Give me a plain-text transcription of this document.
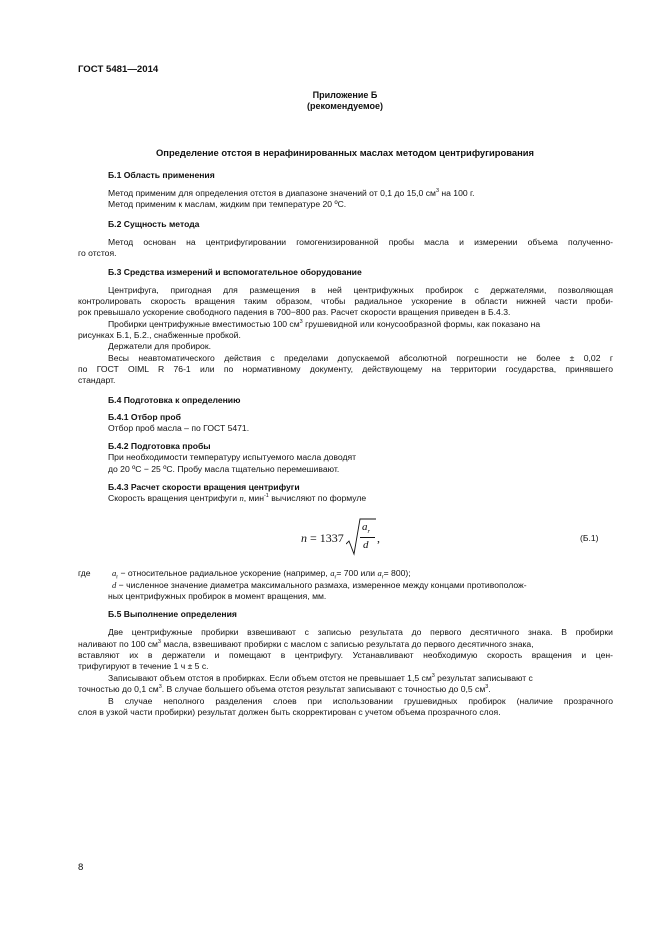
ГОСТ 5481—2014
Приложение Б
(рекомендуемое)
Определение отстоя в нерафинированных маслах методом центрифугирования
Б.1 Область применения
Метод применим для определения отстоя в диапазоне значений от 0,1 до 15,0 $см^3$ на 100 г.
Метод применим к маслам, жидким при температуре 20 ºС.
Б.2 Сущность метода
Метод основан на центрифугировании гомогенизированной пробы масла и измерении объема полученно-
го отстоя.
Б.3 Средства измерений и вспомогательное оборудование
Центрифуга, пригодная для размещения в ней центрифужных пробирок с держателями, позволяющая
контролировать скорость вращения таким образом, чтобы радиальное ускорение в области нижней части проби-
рок превышало ускорение свободного падения в 700−800 раз. Расчет скорости вращения приведен в Б.4.3.
Пробирки центрифужные вместимостью 100 $см^3$ грушевидной или конусообразной формы, как показано на
рисунках Б.1, Б.2., снабженные пробкой.
Держатели для пробирок.
Весы неавтоматического действия с пределами допускаемой абсолютной погрешности не более ± 0,02 г
по ГОСТ OIML R 76-1 или по нормативному документу, действующему на территории государства, принявшего
стандарт.
Б.4 Подготовка к определению
Б.4.1 Отбор проб
Отбор проб масла – по ГОСТ 5471.
Б.4.2 Подготовка пробы
При необходимости температуру испытуемого масла доводят
до 20 ºС − 25 ºС. Пробу масла тщательно перемешивают.
Б.4.3 Расчет скорости вращения центрифуги
Скорость вращения центрифуги n, мин$^{-1}$ вычисляют по формуле
n = 1337
$a_r$
d ,	(Б.1)
где $a_r$ − относительное радиальное ускорение (например, $a_r= 700$ или $a_r= 800$);
d − численное значение диаметра максимального размаха, измеренное между концами противополож-
ных центрифужных пробирок в момент вращения, мм.
Б.5 Выполнение определения
Две центрифужные пробирки взвешивают с записью результата до первого десятичного знака. В пробирки
наливают по 100 $см^3$ масла, взвешивают пробирки с маслом с записью результата до первого десятичного знака,
вставляют их в держатели и помещают в центрифугу. Устанавливают необходимую скорость вращения и цен-
трифугируют в течение 1 ч ± 5 с.
Записывают объем отстоя в пробирках. Если объем отстоя не превышает 1,5 $см^3$ результат записывают с
точностью до 0,1 $см^3$. В случае большего объема отстоя результат записывают с точностью до 0,5 $см^3$.
В случае неполного разделения слоев при использовании грушевидных пробирок (наличие прозрачного
слоя в узкой части пробирки) результат должен быть скорректирован с учетом объема прозрачного слоя.
8
